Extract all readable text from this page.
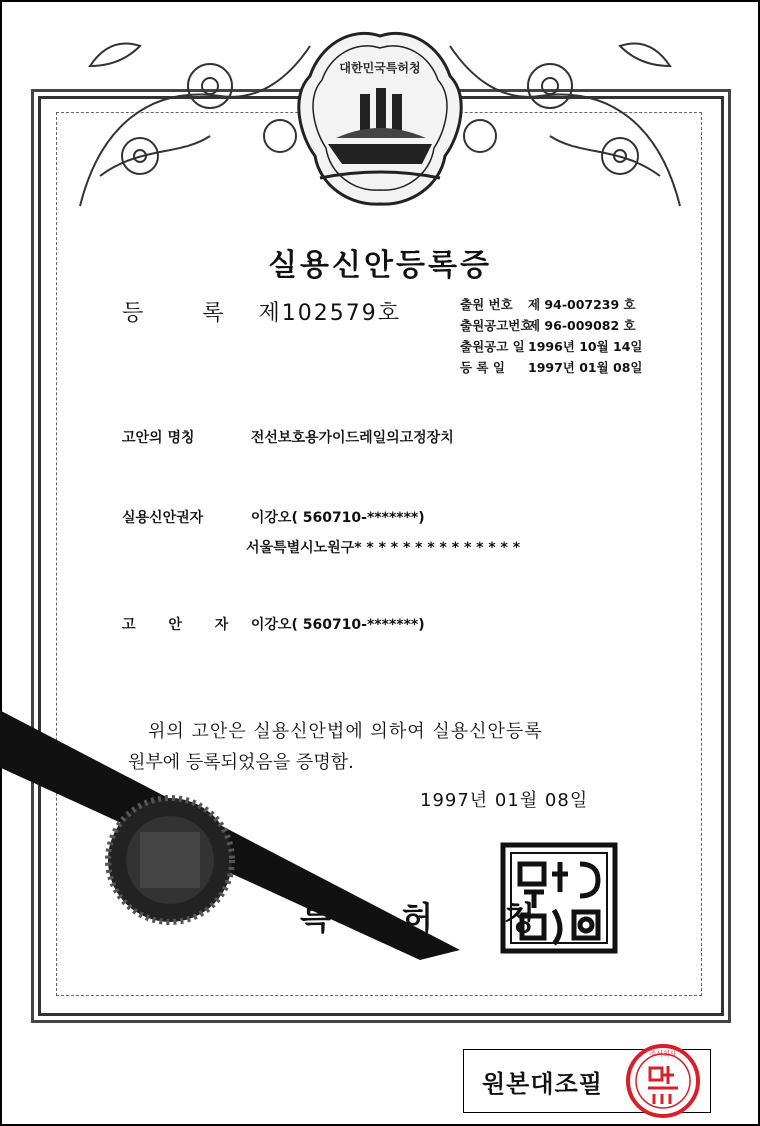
대한민국특허청
실용신안등록증
등 록 제102579호	출원 번호 제 94-007239 호
출원공고번호제 96-009082 호
출원공고 일 1996년 10월 14일
등 록 일 1997년 01월 08일
고안의 명칭	전선보호용가이드레일의고정장치
실용신안권자	이강오( 560710-*******)
서울특별시노원구* * * * * * * * * * * * * *
고 안 자 이강오( 560710-*******)
위의 고안은 실용신안법에 의하여 실용신안등록
원부에 등록되었음을 증명함.
1997년 01월 08일
특 허 청
원본대조필
주식회사
